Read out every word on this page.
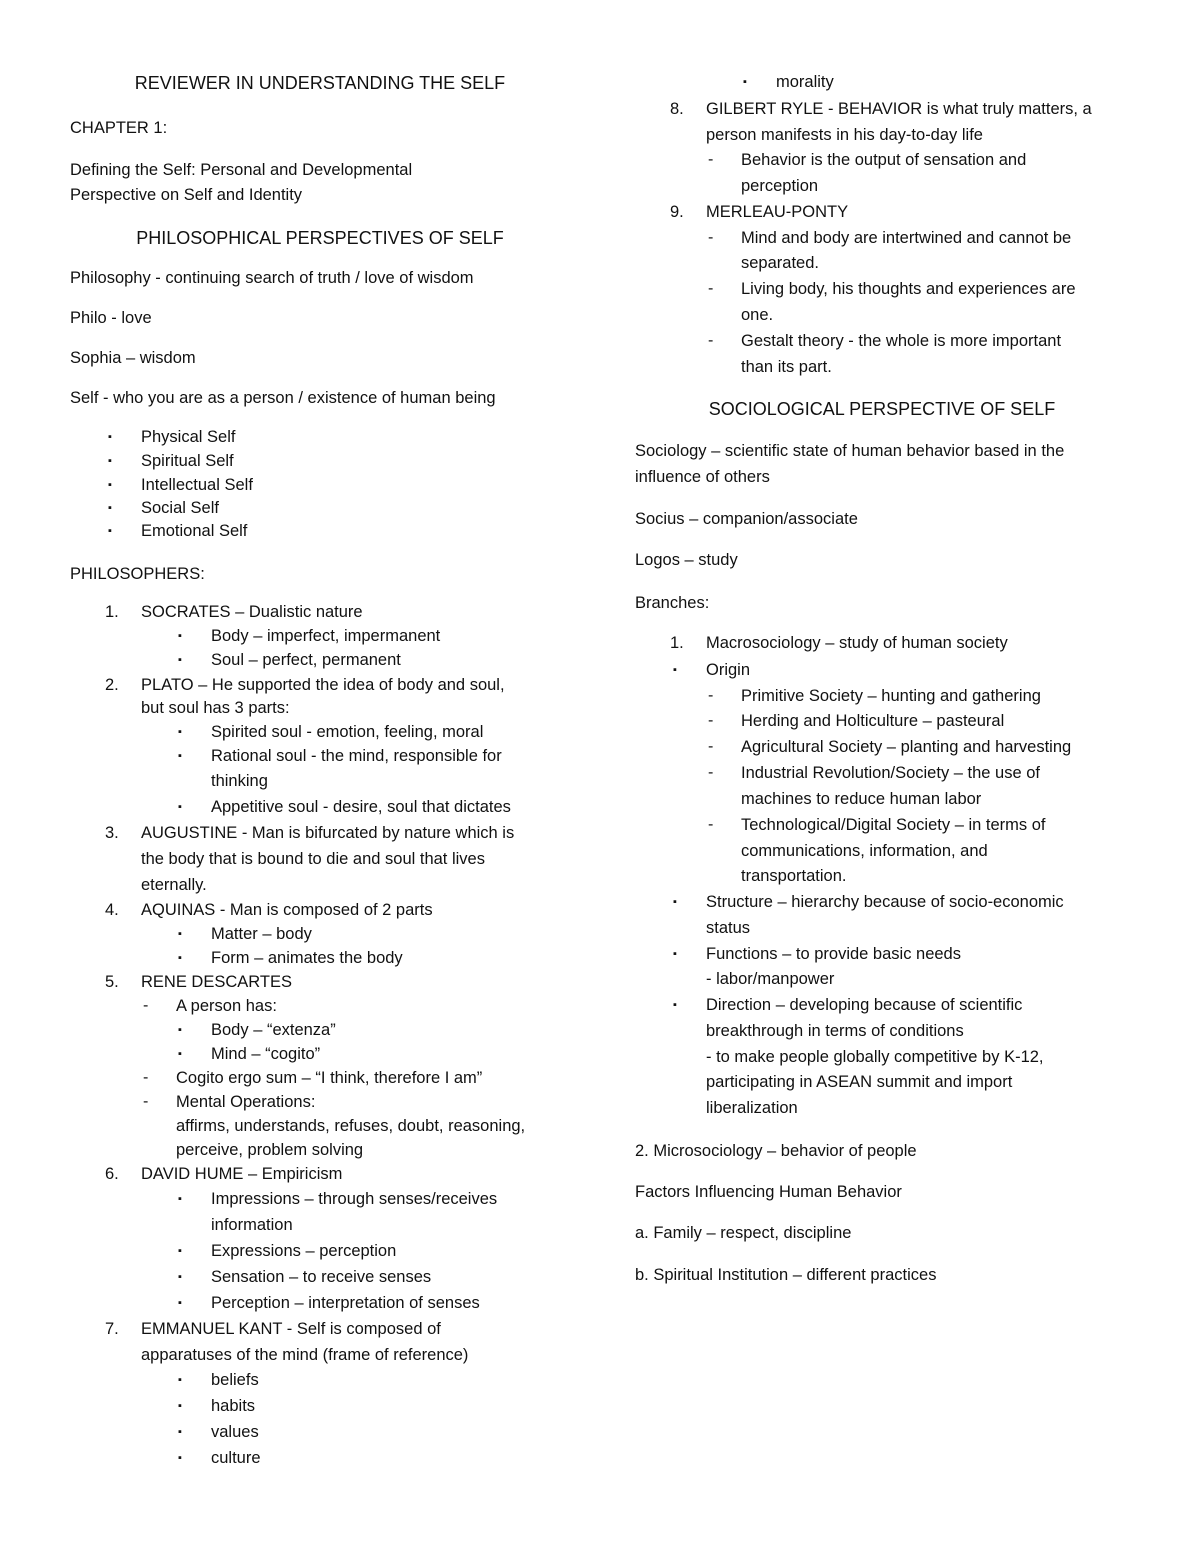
REVIEWER IN UNDERSTANDING THE SELF
CHAPTER 1:
Defining the Self: Personal and Developmental
Perspective on Self and Identity
PHILOSOPHICAL PERSPECTIVES OF SELF
Philosophy - continuing search of truth / love of wisdom
Philo - love
Sophia – wisdom
Self - who you are as a person / existence of human being
▪ Physical Self
▪ Spiritual Self
▪ Intellectual Self
▪ Social Self
▪ Emotional Self
PHILOSOPHERS:
1. SOCRATES – Dualistic nature
▪ Body – imperfect, impermanent
▪ Soul – perfect, permanent
2. PLATO – He supported the idea of body and soul,
but soul has 3 parts:
▪ Spirited soul - emotion, feeling, moral
▪ Rational soul - the mind, responsible for
thinking
▪ Appetitive soul - desire, soul that dictates
3. AUGUSTINE - Man is bifurcated by nature which is
the body that is bound to die and soul that lives
eternally.
4. AQUINAS - Man is composed of 2 parts
▪ Matter – body
▪ Form – animates the body
5. RENE DESCARTES
- A person has:
▪ Body – “extenza”
▪ Mind – “cogito”
- Cogito ergo sum – “I think, therefore I am”
- Mental Operations:
affirms, understands, refuses, doubt, reasoning,
perceive, problem solving
6. DAVID HUME – Empiricism
▪ Impressions – through senses/receives
information
▪ Expressions – perception
▪ Sensation – to receive senses
▪ Perception – interpretation of senses
7. EMMANUEL KANT - Self is composed of
apparatuses of the mind (frame of reference)
▪ beliefs
▪ habits
▪ values
▪ culture
▪ morality
8. GILBERT RYLE - BEHAVIOR is what truly matters, a
person manifests in his day-to-day life
- Behavior is the output of sensation and
perception
9. MERLEAU-PONTY
- Mind and body are intertwined and cannot be
separated.
- Living body, his thoughts and experiences are
one.
- Gestalt theory - the whole is more important
than its part.
SOCIOLOGICAL PERSPECTIVE OF SELF
Sociology – scientific state of human behavior based in the
influence of others
Socius – companion/associate
Logos – study
Branches:
1. Macrosociology – study of human society
▪ Origin
- Primitive Society – hunting and gathering
- Herding and Holticulture – pasteural
- Agricultural Society – planting and harvesting
- Industrial Revolution/Society – the use of
machines to reduce human labor
- Technological/Digital Society – in terms of
communications, information, and
transportation.
▪ Structure – hierarchy because of socio-economic
status
▪ Functions – to provide basic needs
- labor/manpower
▪ Direction – developing because of scientific
breakthrough in terms of conditions
- to make people globally competitive by K-12,
participating in ASEAN summit and import
liberalization
2. Microsociology – behavior of people
Factors Influencing Human Behavior
a. Family – respect, discipline
b. Spiritual Institution – different practices
